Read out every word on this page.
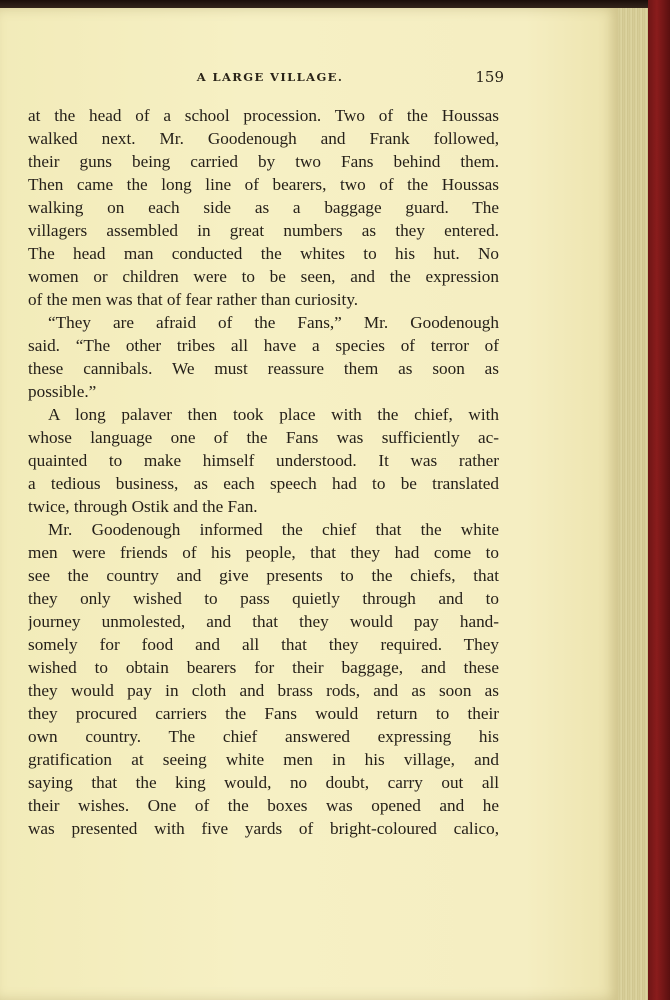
A LARGE VILLAGE.	159
at the head of a school procession. Two of the Houssas
walked next. Mr. Goodenough and Frank followed,
their guns being carried by two Fans behind them.
Then came the long line of bearers, two of the Houssas
walking on each side as a baggage guard. The
villagers assembled in great numbers as they entered.
The head man conducted the whites to his hut. No
women or children were to be seen, and the expression
of the men was that of fear rather than curiosity.
“They are afraid of the Fans,” Mr. Goodenough
said. “The other tribes all have a species of terror of
these cannibals. We must reassure them as soon as
possible.”
A long palaver then took place with the chief, with
whose language one of the Fans was sufficiently ac-
quainted to make himself understood. It was rather
a tedious business, as each speech had to be translated
twice, through Ostik and the Fan.
Mr. Goodenough informed the chief that the white
men were friends of his people, that they had come to
see the country and give presents to the chiefs, that
they only wished to pass quietly through and to
journey unmolested, and that they would pay hand-
somely for food and all that they required. They
wished to obtain bearers for their baggage, and these
they would pay in cloth and brass rods, and as soon as
they procured carriers the Fans would return to their
own country. The chief answered expressing his
gratification at seeing white men in his village, and
saying that the king would, no doubt, carry out all
their wishes. One of the boxes was opened and he
was presented with five yards of bright-coloured calico,
